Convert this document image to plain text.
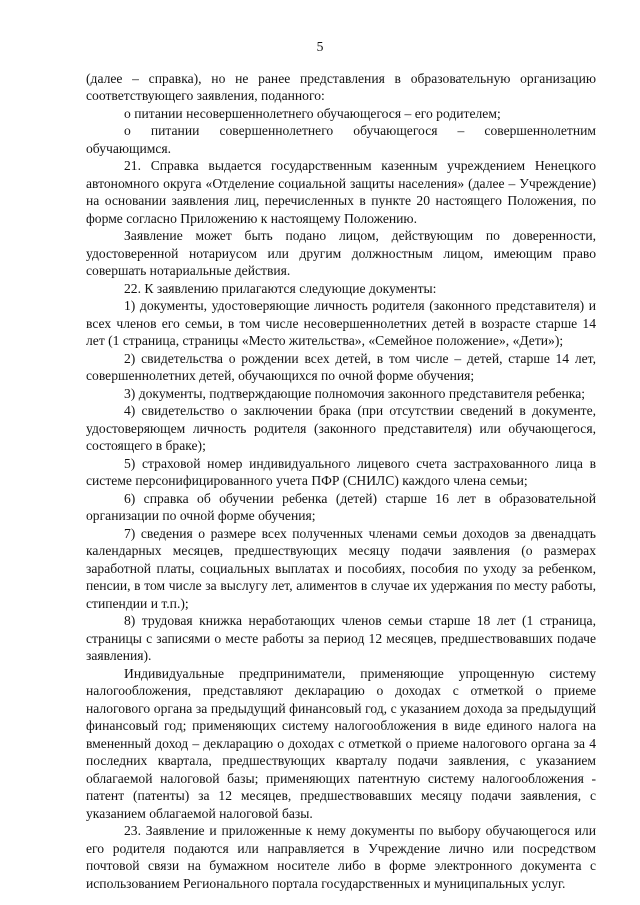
5

(далее – справка), но не ранее представления в образовательную организацию соответствующего заявления, поданного:

о питании несовершеннолетнего обучающегося – его родителем;

о питании совершеннолетнего обучающегося – совершеннолетним обучающимся.

21. Справка выдается государственным казенным учреждением Ненецкого автономного округа «Отделение социальной защиты населения» (далее – Учреждение) на основании заявления лиц, перечисленных в пункте 20 настоящего Положения, по форме согласно Приложению к настоящему Положению.

Заявление может быть подано лицом, действующим по доверенности, удостоверенной нотариусом или другим должностным лицом, имеющим право совершать нотариальные действия.

22. К заявлению прилагаются следующие документы:

1) документы, удостоверяющие личность родителя (законного представителя) и всех членов его семьи, в том числе несовершеннолетних детей в возрасте старше 14 лет (1 страница, страницы «Место жительства», «Семейное положение», «Дети»);

2) свидетельства о рождении всех детей, в том числе – детей, старше 14 лет, совершеннолетних детей, обучающихся по очной форме обучения;

3) документы, подтверждающие полномочия законного представителя ребенка;

4) свидетельство о заключении брака (при отсутствии сведений в документе, удостоверяющем личность родителя (законного представителя) или обучающегося, состоящего в браке);

5) страховой номер индивидуального лицевого счета застрахованного лица в системе персонифицированного учета ПФР (СНИЛС) каждого члена семьи;

6) справка об обучении ребенка (детей) старше 16 лет в образовательной организации по очной форме обучения;

7) сведения о размере всех полученных членами семьи доходов за двенадцать календарных месяцев, предшествующих месяцу подачи заявления (о размерах заработной платы, социальных выплатах и пособиях, пособия по уходу за ребенком, пенсии, в том числе за выслугу лет, алиментов в случае их удержания по месту работы, стипендии и т.п.);

8) трудовая книжка неработающих членов семьи старше 18 лет (1 страница, страницы с записями о месте работы за период 12 месяцев, предшествовавших подаче заявления).

Индивидуальные предприниматели, применяющие упрощенную систему налогообложения, представляют декларацию о доходах с отметкой о приеме налогового органа за предыдущий финансовый год, с указанием дохода за предыдущий финансовый год; применяющих систему налогообложения в виде единого налога на вмененный доход – декларацию о доходах с отметкой о приеме налогового органа за 4 последних квартала, предшествующих кварталу подачи заявления, с указанием облагаемой налоговой базы; применяющих патентную систему налогообложения - патент (патенты) за 12 месяцев, предшествовавших месяцу подачи заявления, с указанием облагаемой налоговой базы.

23. Заявление и приложенные к нему документы по выбору обучающегося или его родителя подаются или направляется в Учреждение лично или посредством почтовой связи на бумажном носителе либо в форме электронного документа с использованием Регионального портала государственных и муниципальных услуг.
